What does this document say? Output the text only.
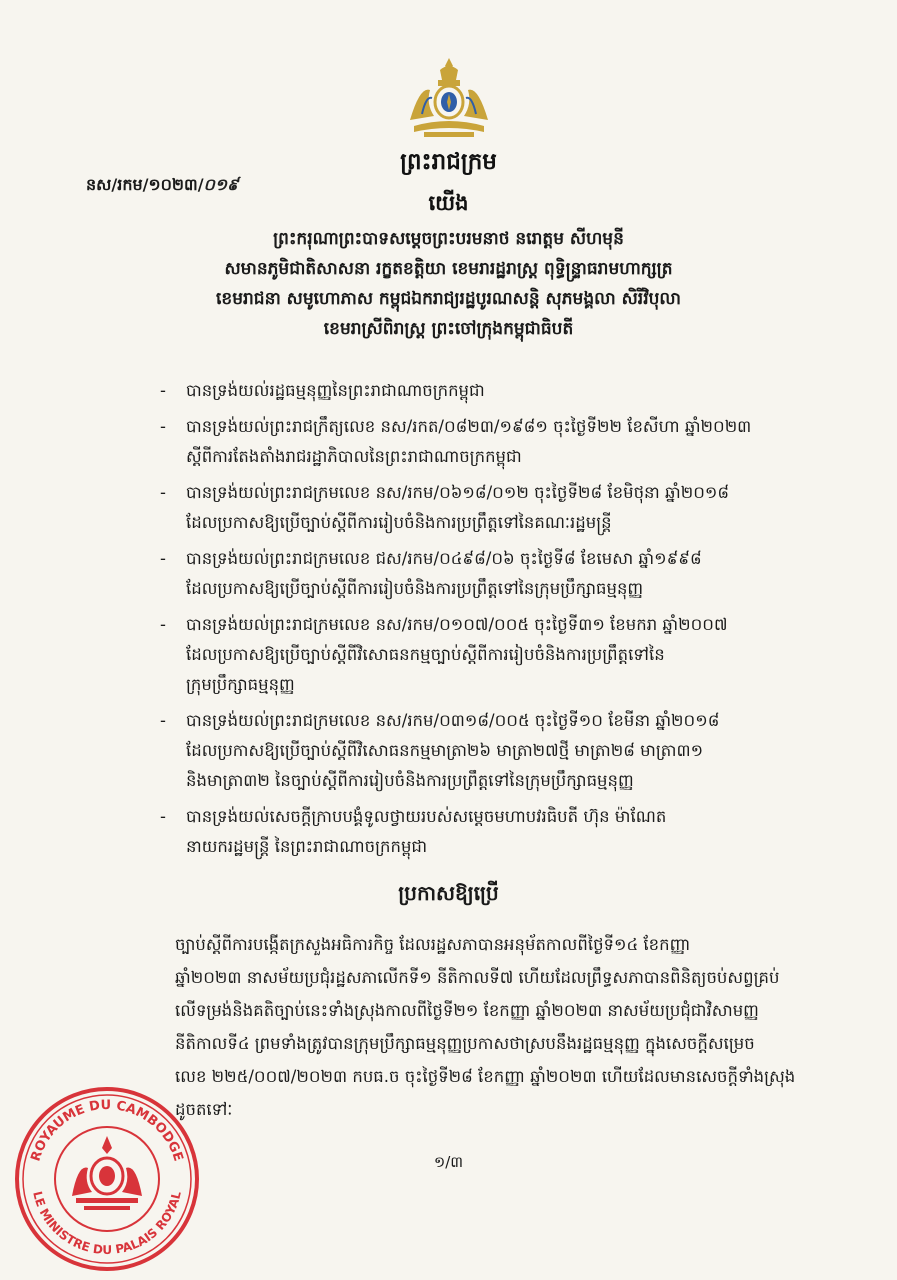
ព្រះរាជក្រម
នស/រកម/១០២៣/០១៩
យើង
ព្រះករុណាព្រះបាទសម្តេចព្រះបរមនាថ នរោត្តម សីហមុនី
សមានភូមិជាតិសាសនា រក្ខតខត្តិយា ខេមរារដ្ឋរាស្ត្រ ពុទ្ធិន្ទ្រាធរាមហាក្សត្រ
ខេមរាជនា សមូហោភាស កម្ពុជឯករាជ្យរដ្ឋបូរណសន្តិ សុភមង្គលា សិរីវិបុលា
ខេមរាស្រីពិរាស្ត្រ ព្រះចៅក្រុងកម្ពុជាធិបតី
- បានទ្រង់យល់រដ្ឋធម្មនុញ្ញនៃព្រះរាជាណាចក្រកម្ពុជា
- បានទ្រង់យល់ព្រះរាជក្រឹត្យលេខ នស/រកត/០៨២៣/១៩៨១ ចុះថ្ងៃទី២២ ខែសីហា ឆ្នាំ២០២៣
ស្តីពីការតែងតាំងរាជរដ្ឋាភិបាលនៃព្រះរាជាណាចក្រកម្ពុជា
- បានទ្រង់យល់ព្រះរាជក្រមលេខ នស/រកម/០៦១៨/០១២ ចុះថ្ងៃទី២៨ ខែមិថុនា ឆ្នាំ២០១៨
ដែលប្រកាសឱ្យប្រើច្បាប់ស្តីពីការរៀបចំនិងការប្រព្រឹត្តទៅនៃគណៈរដ្ឋមន្ត្រី
- បានទ្រង់យល់ព្រះរាជក្រមលេខ ជស/រកម/០៤៩៨/០៦ ចុះថ្ងៃទី៨ ខែមេសា ឆ្នាំ១៩៩៨
ដែលប្រកាសឱ្យប្រើច្បាប់ស្តីពីការរៀបចំនិងការប្រព្រឹត្តទៅនៃក្រុមប្រឹក្សាធម្មនុញ្ញ
- បានទ្រង់យល់ព្រះរាជក្រមលេខ នស/រកម/០១០៧/០០៥ ចុះថ្ងៃទី៣១ ខែមករា ឆ្នាំ២០០៧
ដែលប្រកាសឱ្យប្រើច្បាប់ស្តីពីវិសោធនកម្មច្បាប់ស្តីពីការរៀបចំនិងការប្រព្រឹត្តទៅនៃ
ក្រុមប្រឹក្សាធម្មនុញ្ញ
- បានទ្រង់យល់ព្រះរាជក្រមលេខ នស/រកម/០៣១៨/០០៥ ចុះថ្ងៃទី១០ ខែមីនា ឆ្នាំ២០១៨
ដែលប្រកាសឱ្យប្រើច្បាប់ស្តីពីវិសោធនកម្មមាត្រា២៦ មាត្រា២៧ថ្មី មាត្រា២៨ មាត្រា៣១
និងមាត្រា៣២ នៃច្បាប់ស្តីពីការរៀបចំនិងការប្រព្រឹត្តទៅនៃក្រុមប្រឹក្សាធម្មនុញ្ញ
- បានទ្រង់យល់សេចក្តីក្រាបបង្គំទូលថ្វាយរបស់សម្តេចមហាបវរធិបតី ហ៊ុន ម៉ាណែត
នាយករដ្ឋមន្ត្រី នៃព្រះរាជាណាចក្រកម្ពុជា
ប្រកាសឱ្យប្រើ

ច្បាប់ស្តីពីការបង្កើតក្រសួងអធិការកិច្ច ដែលរដ្ឋសភាបានអនុម័តកាលពីថ្ងៃទី១៤ ខែកញ្ញា
ឆ្នាំ២០២៣ នាសម័យប្រជុំរដ្ឋសភាលើកទី១ នីតិកាលទី៧ ហើយដែលព្រឹទ្ធសភាបានពិនិត្យចប់សព្វគ្រប់
លើទម្រង់និងគតិច្បាប់នេះទាំងស្រុងកាលពីថ្ងៃទី២១ ខែកញ្ញា ឆ្នាំ២០២៣ នាសម័យប្រជុំជាវិសាមញ្ញ
នីតិកាលទី៤ ព្រមទាំងត្រូវបានក្រុមប្រឹក្សាធម្មនុញ្ញប្រកាសថាស្របនឹងរដ្ឋធម្មនុញ្ញ ក្នុងសេចក្តីសម្រេច
លេខ ២២៥/០០៧/២០២៣ កបធ.ច ចុះថ្ងៃទី២៨ ខែកញ្ញា ឆ្នាំ២០២៣ ហើយដែលមានសេចក្តីទាំងស្រុង
ដូចតទៅៈ

១/៣
ROYAUME DU CAMBODGE
LE MINISTRE DU PALAIS ROYAL
